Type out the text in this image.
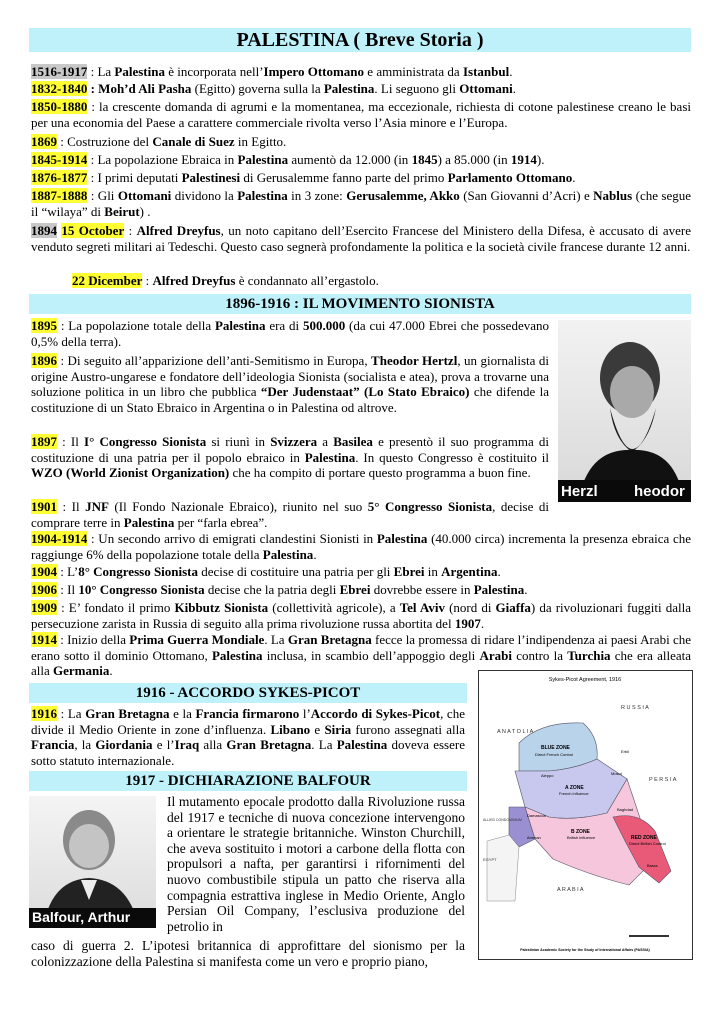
PALESTINA ( Breve Storia )

1516-1917 : La Palestina è incorporata nell’Impero Ottomano e amministrata da Istanbul.

1832-1840 : Moh’d Ali Pasha (Egitto) governa sulla la Palestina. Li seguono gli Ottomani.

1850-1880 : la crescente domanda di agrumi e la momentanea, ma eccezionale, richiesta di cotone palestinese creano le basi per una economia del Paese a carattere commerciale rivolta verso l’Asia minore e l’Europa.

1869 : Costruzione del Canale di Suez in Egitto.

1845-1914 : La popolazione Ebraica in Palestina aumentò da 12.000 (in 1845) a 85.000 (in 1914).

1876-1877 : I primi deputati Palestinesi di Gerusalemme fanno parte del primo Parlamento Ottomano.

1887-1888 : Gli Ottomani dividono la Palestina in 3 zone: Gerusalemme, Akko (San Giovanni d’Acri) e Nablus (che segue il “wilaya” di Beirut) .

1894 15 October : Alfred Dreyfus, un noto capitano dell’Esercito Francese del Ministero della Difesa, è accusato di avere venduto segreti militari ai Tedeschi. Questo caso segnerà profondamente la politica e la società civile francese durante 12 anni.

22 Dicember : Alfred Dreyfus è condannato all’ergastolo.

1896-1916 : IL MOVIMENTO SIONISTA
Herzl heodor

1895 : La popolazione totale della Palestina era di 500.000 (da cui 47.000 Ebrei che possedevano 0,5% della terra).

1896 : Di seguito all’apparizione dell’anti-Semitismo in Europa, Theodor Hertzl, un giornalista di origine Austro-ungarese e fondatore dell’ideologia Sionista (socialista e atea), prova a trovarne una soluzione politica in un libro che pubblica “Der Judenstaat” (Lo Stato Ebraico) che difende la costituzione di un Stato Ebraico in Argentina o in Palestina od altrove.

1897 : Il I° Congresso Sionista si riunì in Svizzera a Basilea e presentò il suo programma di costituzione di una patria per il popolo ebraico in Palestina. In questo Congresso è costituito il WZO (World Zionist Organization) che ha compito di portare questo programma a buon fine.

1901 : Il JNF (Il Fondo Nazionale Ebraico), riunito nel suo 5° Congresso Sionista, decise di comprare terre in Palestina per “farla ebrea”.

1904-1914 : Un secondo arrivo di emigrati clandestini Sionisti in Palestina (40.000 circa) incrementa la presenza ebraica che raggiunge 6% della popolazione totale della Palestina.

1904 : L’8° Congresso Sionista decise di costituire una patria per gli Ebrei in Argentina.

1906 : Il 10° Congresso Sionista decise che la patria degli Ebrei dovrebbe essere in Palestina.

1909 : E’ fondato il primo Kibbutz Sionista (collettività agricole), a Tel Aviv (nord di Giaffa) da rivoluzionari fuggiti dalla persecuzione zarista in Russia di seguito alla prima rivoluzione russa abortita del 1907.

1914 : Inizio della Prima Guerra Mondiale. La Gran Bretagna fecce la promessa di ridare l’indipendenza ai paesi Arabi che erano sotto il dominio Ottomano, Palestina inclusa, in scambio dell’appoggio degli Arabi contro la Turchia che era alleata alla Germania.

1916 - ACCORDO SYKES-PICOT

1916 : La Gran Bretagna e la Francia firmarono l’Accordo di Sykes-Picot, che divide il Medio Oriente in zone d’influenza. Libano e Siria furono assegnati alla Francia, la Giordania e l’Iraq alla Gran Bretagna. La Palestina doveva essere sotto statuto internazionale.

1917 - DICHIARAZIONE BALFOUR
Balfour, Arthur

Il mutamento epocale prodotto dalla Rivoluzione russa del 1917 e tecniche di nuova concezione intervengono a orientare le strategie britanniche. Winston Churchill, che aveva sostituito i motori a carbone della flotta con propulsori a nafta, per garantirsi i rifornimenti del nuovo combustibile stipula un patto che riserva alla compagnia estrattiva inglese in Medio Oriente, Anglo Persian Oil Company, l’esclusiva produzione del petrolio in

caso di guerra 2. L’ipotesi britannica di approfittare del sionismo per la colonizzazione della Palestina si manifesta come un vero e proprio piano,

Sykes-Picot Agreement, 1916
R U S S I A
A N A T O L I A
BLUE ZONE
Direct French Control
A ZONE
French influence
B ZONE
British influence	RED ZONE
Direct British Control
P E R S I A
A R A B I A
EGYPT
ALLIED CONDOMINIUM
Aleppo	Mosul
Damascus
Baghdad
Amman
Basra
Erbil
Palestinian Academic Society for the Study of International Affairs (PASSIA)
